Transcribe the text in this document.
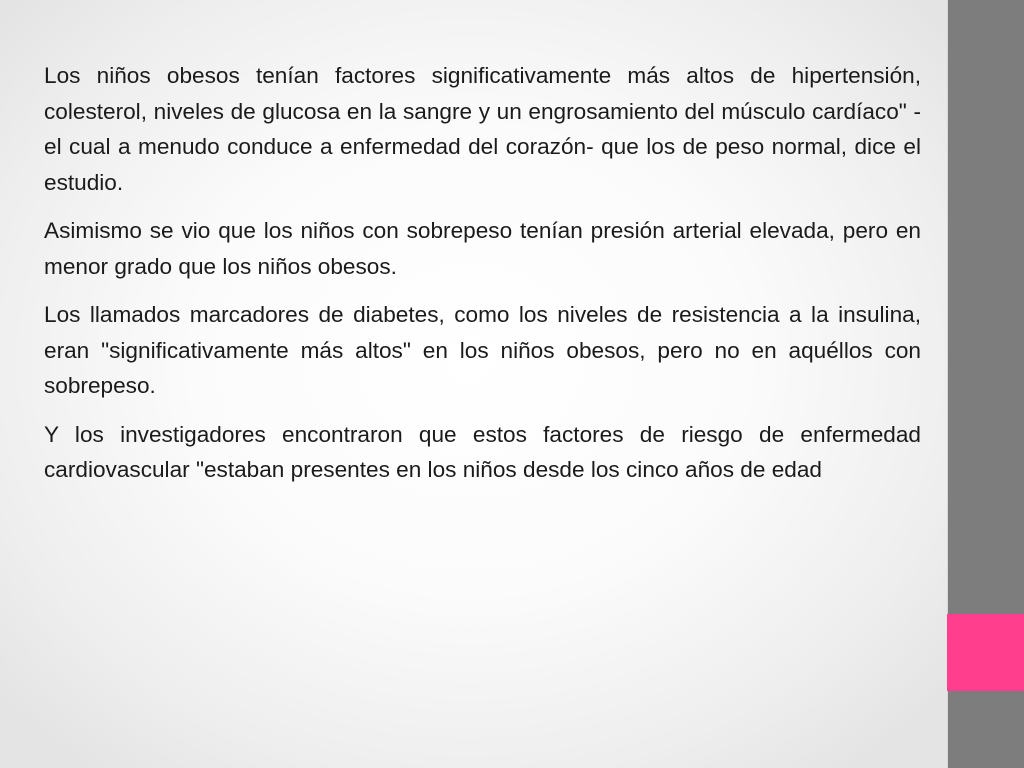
Los niños obesos tenían factores significativamente más altos de hipertensión, colesterol, niveles de glucosa en la sangre y un engrosamiento del músculo cardíaco" -el cual a menudo conduce a enfermedad del corazón- que los de peso normal, dice el estudio.

Asimismo se vio que los niños con sobrepeso tenían presión arterial elevada, pero en menor grado que los niños obesos.

Los llamados marcadores de diabetes, como los niveles de resistencia a la insulina, eran "significativamente más altos" en los niños obesos, pero no en aquéllos con sobrepeso.

Y los investigadores encontraron que estos factores de riesgo de enfermedad cardiovascular "estaban presentes en los niños desde los cinco años de edad
